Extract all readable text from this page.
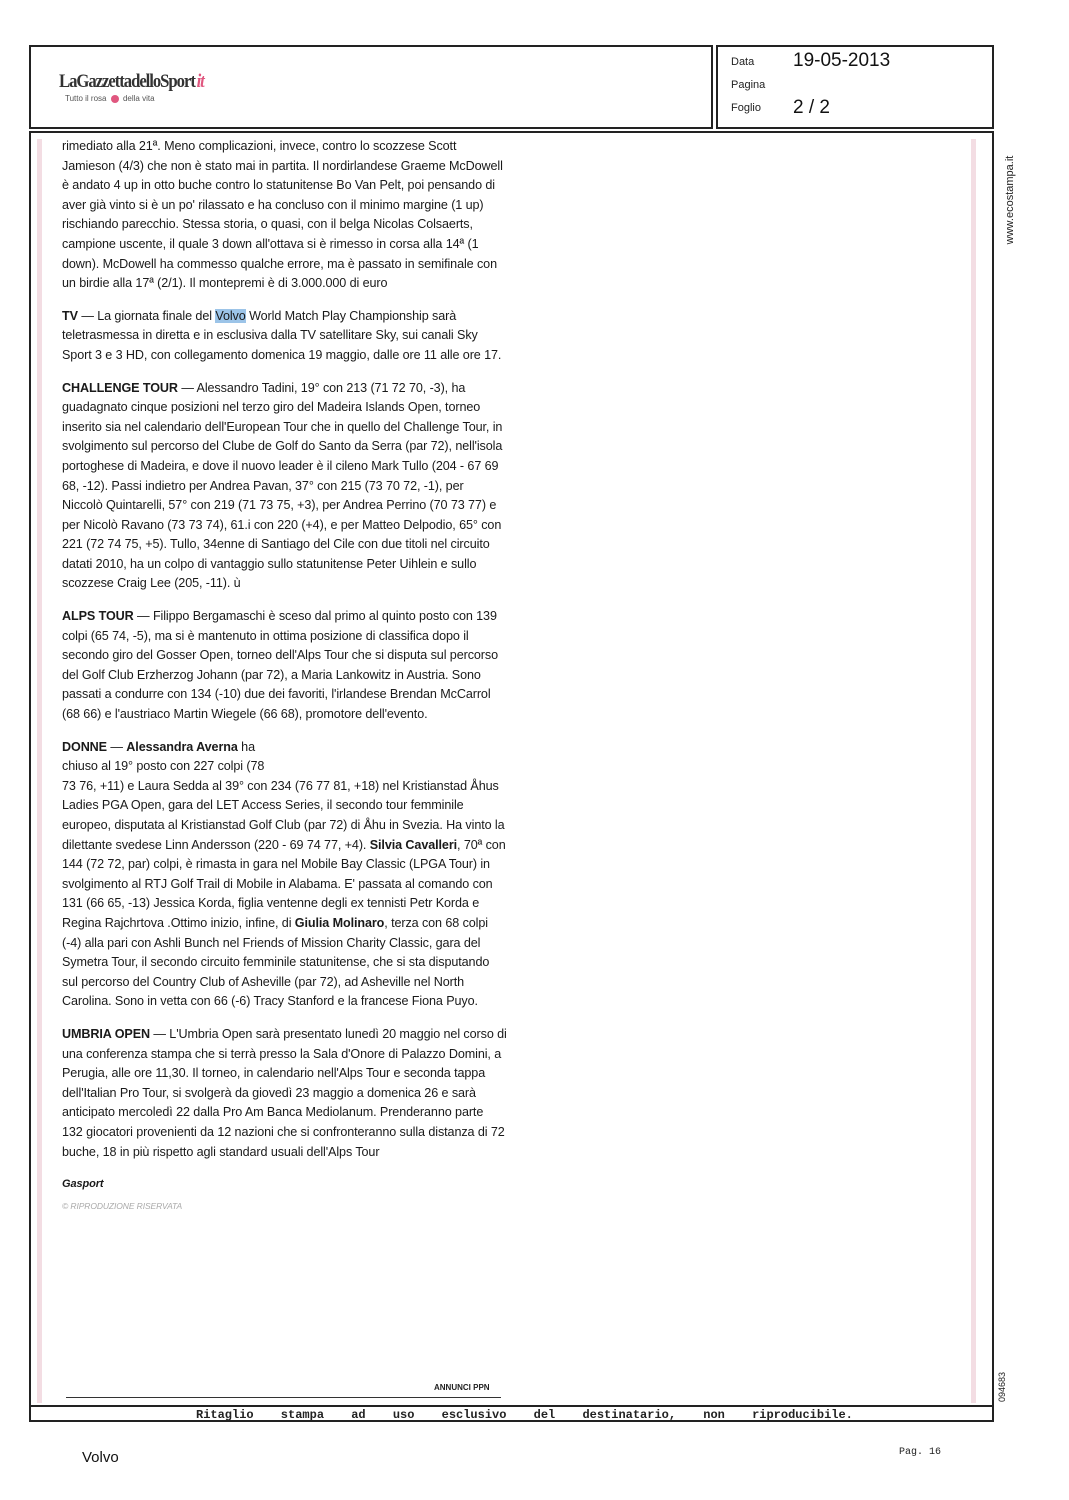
LaGazzettadelloSportit
Tutto il rosa della vita
Data 19-05-2013
Pagina
Foglio 2 / 2

rimediato alla 21ª. Meno complicazioni, invece, contro lo scozzese Scott Jamieson (4/3) che non è stato mai in partita. Il nordirlandese Graeme McDowell è andato 4 up in otto buche contro lo statunitense Bo Van Pelt, poi pensando di aver già vinto si è un po' rilassato e ha concluso con il minimo margine (1 up) rischiando parecchio. Stessa storia, o quasi, con il belga Nicolas Colsaerts, campione uscente, il quale 3 down all'ottava si è rimesso in corsa alla 14ª (1 down). McDowell ha commesso qualche errore, ma è passato in semifinale con un birdie alla 17ª (2/1). Il montepremi è di 3.000.000 di euro

TV — La giornata finale del Volvo World Match Play Championship sarà teletrasmessa in diretta e in esclusiva dalla TV satellitare Sky, sui canali Sky Sport 3 e 3 HD, con collegamento domenica 19 maggio, dalle ore 11 alle ore 17.

CHALLENGE TOUR — Alessandro Tadini, 19° con 213 (71 72 70, -3), ha guadagnato cinque posizioni nel terzo giro del Madeira Islands Open, torneo inserito sia nel calendario dell'European Tour che in quello del Challenge Tour, in svolgimento sul percorso del Clube de Golf do Santo da Serra (par 72), nell'isola portoghese di Madeira, e dove il nuovo leader è il cileno Mark Tullo (204 - 67 69 68, -12). Passi indietro per Andrea Pavan, 37° con 215 (73 70 72, -1), per Niccolò Quintarelli, 57° con 219 (71 73 75, +3), per Andrea Perrino (70 73 77) e per Nicolò Ravano (73 73 74), 61.i con 220 (+4), e per Matteo Delpodio, 65° con 221 (72 74 75, +5). Tullo, 34enne di Santiago del Cile con due titoli nel circuito datati 2010, ha un colpo di vantaggio sullo statunitense Peter Uihlein e sullo scozzese Craig Lee (205, -11). ù

ALPS TOUR — Filippo Bergamaschi è sceso dal primo al quinto posto con 139 colpi (65 74, -5), ma si è mantenuto in ottima posizione di classifica dopo il secondo giro del Gosser Open, torneo dell'Alps Tour che si disputa sul percorso del Golf Club Erzherzog Johann (par 72), a Maria Lankowitz in Austria. Sono passati a condurre con 134 (-10) due dei favoriti, l'irlandese Brendan McCarrol (68 66) e l'austriaco Martin Wiegele (66 68), promotore dell'evento.

DONNE — Alessandra Averna ha
chiuso al 19° posto con 227 colpi (78
73 76, +11) e Laura Sedda al 39° con 234 (76 77 81, +18) nel Kristianstad Åhus Ladies PGA Open, gara del LET Access Series, il secondo tour femminile europeo, disputata al Kristianstad Golf Club (par 72) di Åhu in Svezia. Ha vinto la dilettante svedese Linn Andersson (220 - 69 74 77, +4). Silvia Cavalleri, 70ª con 144 (72 72, par) colpi, è rimasta in gara nel Mobile Bay Classic (LPGA Tour) in svolgimento al RTJ Golf Trail di Mobile in Alabama. E' passata al comando con 131 (66 65, -13) Jessica Korda, figlia ventenne degli ex tennisti Petr Korda e Regina Rajchrtova .Ottimo inizio, infine, di Giulia Molinaro, terza con 68 colpi (-4) alla pari con Ashli Bunch nel Friends of Mission Charity Classic, gara del Symetra Tour, il secondo circuito femminile statunitense, che si sta disputando sul percorso del Country Club of Asheville (par 72), ad Asheville nel North Carolina. Sono in vetta con 66 (-6) Tracy Stanford e la francese Fiona Puyo.

UMBRIA OPEN — L'Umbria Open sarà presentato lunedì 20 maggio nel corso di una conferenza stampa che si terrà presso la Sala d'Onore di Palazzo Domini, a Perugia, alle ore 11,30. Il torneo, in calendario nell'Alps Tour e seconda tappa dell'Italian Pro Tour, si svolgerà da giovedì 23 maggio a domenica 26 e sarà anticipato mercoledì 22 dalla Pro Am Banca Mediolanum. Prenderanno parte 132 giocatori provenienti da 12 nazioni che si confronteranno sulla distanza di 72 buche, 18 in più rispetto agli standard usuali dell'Alps Tour

Gasport
© RIPRODUZIONE RISERVATA
ANNUNCI PPN
Ritaglio stampa ad uso esclusivo del destinatario, non riproducibile.
www.ecostampa.it
094683
Volvo	Pag. 16
